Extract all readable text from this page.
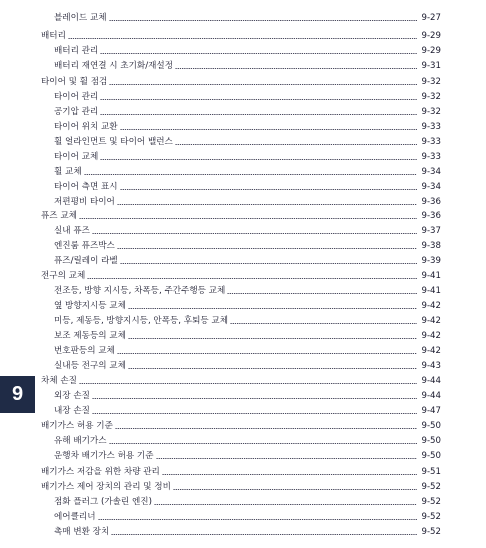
블레이드 교체	9-27
배터리	9-29
배터리 관리	9-29
배터리 재연결 시 초기화/재설정	9-31
타이어 및 휠 점검	9-32
타이어 관리	9-32
공기압 관리	9-32
타이어 위치 교환	9-33
휠 얼라인먼트 및 타이어 밸런스	9-33
타이어 교체	9-33
휠 교체	9-34
타이어 측면 표시	9-34
저편평비 타이어	9-36
퓨즈 교체	9-36
실내 퓨즈	9-37
엔진룸 퓨즈박스	9-38
퓨즈/릴레이 라벨	9-39
전구의 교체	9-41
전조등, 방향 지시등, 차폭등, 주간주행등 교체	9-41
옆 방향지시등 교체	9-42
미등, 제동등, 방향지시등, 안폭등, 후퇴등 교체	9-42
보조 제동등의 교체	9-42
번호판등의 교체	9-42
실내등 전구의 교체	9-43
차체 손질	9-44
외장 손질	9-44
내장 손질	9-47
배기가스 허용 기준	9-50
유해 배기가스	9-50
운행차 배기가스 허용 기준	9-50
배기가스 저감을 위한 차량 관리	9-51
배기가스 제어 장치의 관리 및 정비	9-52
점화 플러그 (가솔린 엔진)	9-52
에어클리너	9-52
촉매 변환 장치	9-52
9
